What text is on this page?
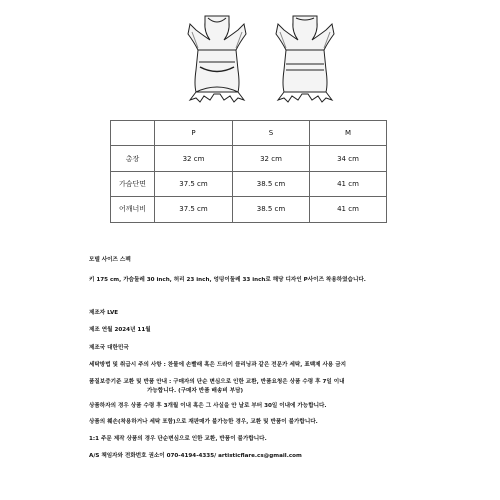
	P	S	M
총장	32 cm	32 cm	34 cm
가슴단면	37.5 cm	38.5 cm	41 cm
어깨너비	37.5 cm	38.5 cm	41 cm
모델 사이즈 스펙
키 175 cm, 가슴둘레 30 inch, 허리 23 inch, 엉덩이둘레 33 inch로 해당 디자인 P사이즈 착용하였습니다.
제조자 LVE
제조 연월 2024년 11월
제조국 대한민국
세탁방법 및 취급시 주의 사항 : 찬물에 손빨래 혹은 드라이 클리닝과 같은 전문가 세탁, 표백제 사용 금지
품질보증기준 교환 및 반품 안내 : 구매자의 단순 변심으로 인한 교환, 반품요청은 상품 수령 후 7일 이내
가능합니다. (구매자 반품 배송비 부담)
상품하자의 경우 상품 수령 후 3개월 이내 혹은 그 사실을 안 날로 부터 30일 이내에 가능합니다.
상품의 훼손(착용하거나 세탁 포함)으로 재판매가 불가능한 경우, 교환 및 반품이 불가합니다.
1:1 주문 제작 상품의 경우 단순변심으로 인한 교환, 반품이 불가합니다.
A/S 책임자와 전화번호 권소이 070-4194-4335/ artisticflare.cs@gmail.com
